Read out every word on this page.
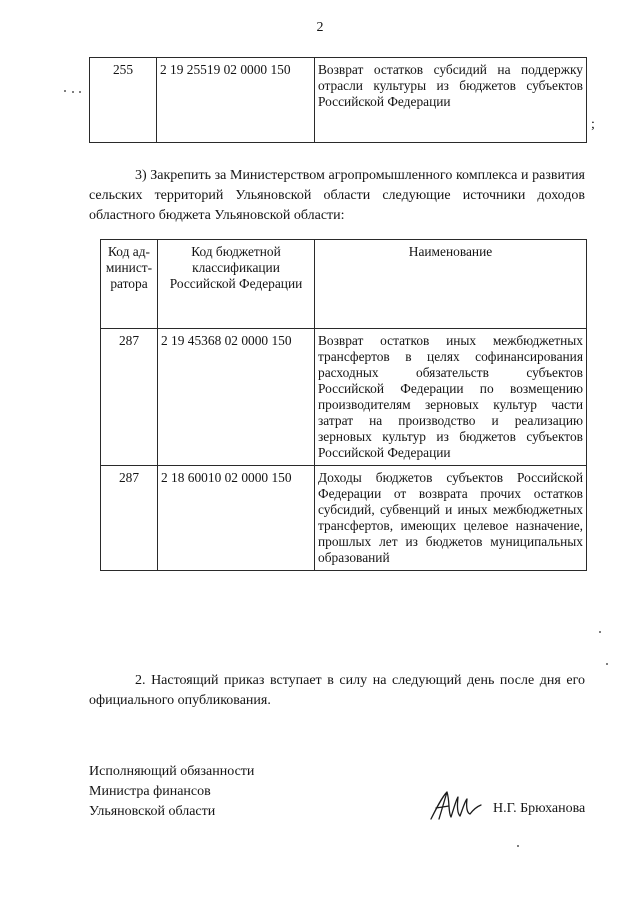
2
255	2 19 25519 02 0000 150	Возврат остатков субсидий на поддержку отрасли культуры из бюджетов субъектов Российской Федерации
;
3) Закрепить за Министерством агропромышленного комплекса и развития сельских территорий Ульяновской области следующие источники доходов областного бюджета Ульяновской области:
Код ад-минист-ратора	Код бюджетной классификации Российской Федерации	Наименование
287	2 19 45368 02 0000 150	Возврат остатков иных межбюджетных трансфертов в целях софинансирования расходных обязательств субъектов Российской Федерации по возмещению производителям зерновых культур части затрат на производство и реализацию зерновых культур из бюджетов субъектов Российской Федерации
287	2 18 60010 02 0000 150	Доходы бюджетов субъектов Российской Федерации от возврата прочих остатков субсидий, субвенций и иных межбюджетных трансфертов, имеющих целевое назначение, прошлых лет из бюджетов муниципальных образований
2. Настоящий приказ вступает в силу на следующий день после дня его официального опубликования.
Исполняющий обязанности
Министра финансов
Ульяновской области	Н.Г. Брюханова
